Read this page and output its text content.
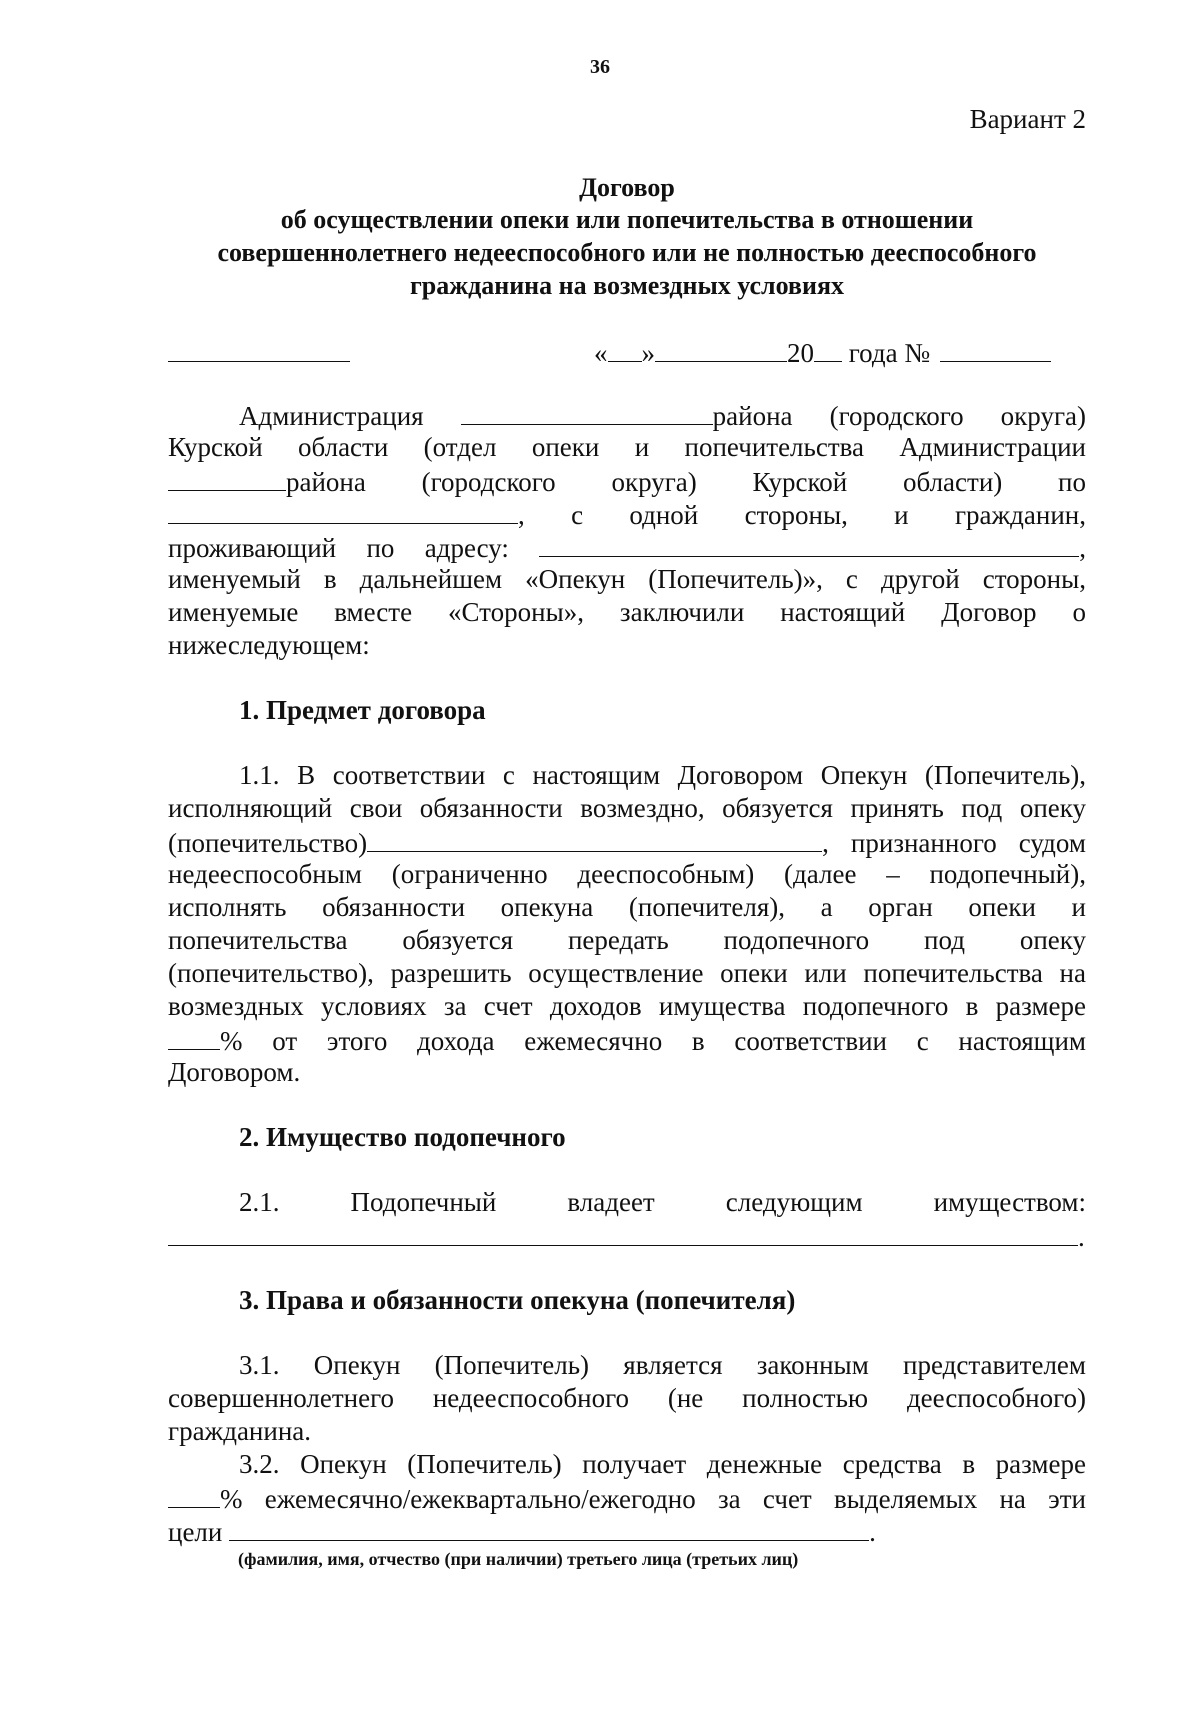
36
Вариант 2
Договор
об осуществлении опеки или попечительства в отношении
совершеннолетнего недееспособного или не полностью дееспособного
гражданина на возмездных условиях
« »	20 года №
Администрация	района (городского округа)
Курской области (отдел опеки и попечительства Администрации
района (городского округа) Курской области) по
, с одной стороны, и гражданин,
проживающий по адресу:	,
именуемый в дальнейшем «Опекун (Попечитель)», с другой стороны,
именуемые вместе «Стороны», заключили настоящий Договор о
нижеследующем:
1. Предмет договора
1.1. В соответствии с настоящим Договором Опекун (Попечитель),
исполняющий свои обязанности возмездно, обязуется принять под опеку
(попечительство)	, признанного судом
недееспособным (ограниченно дееспособным) (далее – подопечный),
исполнять обязанности опекуна (попечителя), а орган опеки и
попечительства обязуется передать подопечного под опеку
(попечительство), разрешить осуществление опеки или попечительства на
возмездных условиях за счет доходов имущества подопечного в размере
% от этого дохода ежемесячно в соответствии с настоящим
Договором.
2. Имущество подопечного
2.1. Подопечный владеет следующим имуществом:
.
3. Права и обязанности опекуна (попечителя)
3.1. Опекун (Попечитель) является законным представителем
совершеннолетнего недееспособного (не полностью дееспособного)
гражданина.
3.2. Опекун (Попечитель) получает денежные средства в размере
% ежемесячно/ежеквартально/ежегодно за счет выделяемых на эти
цели	.
(фамилия, имя, отчество (при наличии) третьего лица (третьих лиц)
